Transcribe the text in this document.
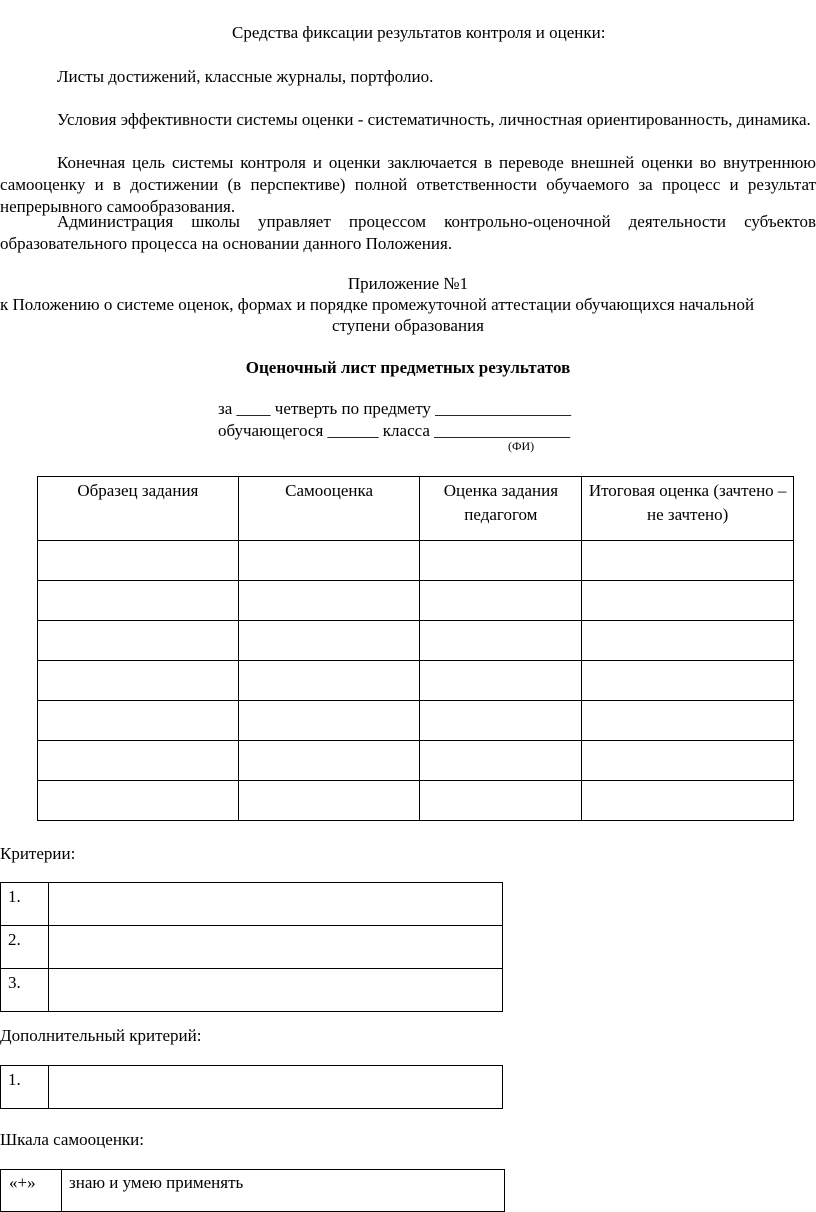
Средства фиксации результатов контроля и оценки:
Листы достижений, классные журналы, портфолио.
Условия эффективности системы оценки - систематичность, личностная ориентированность, динамика.
Конечная цель системы контроля и оценки заключается в переводе внешней оценки во внутреннюю самооценку и в достижении (в перспективе) полной ответственности обучаемого за процесс и результат непрерывного самообразования.
Администрация школы управляет процессом контрольно-оценочной деятельности субъектов образовательного процесса на основании данного Положения.
Приложение №1
к Положению о системе оценок, формах и порядке промежуточной аттестации обучающихся начальной
ступени образования
Оценочный лист предметных результатов
за ____ четверть по предмету ________________
обучающегося ______ класса ________________
(ФИ)
Образец задания	Самооценка	Оценка задания педагогом	Итоговая оценка (зачтено – не зачтено)

Критерии:
1.	
2.	
3.	
Дополнительный критерий:
1.	
Шкала самооценки:
«+»	знаю и умею применять
